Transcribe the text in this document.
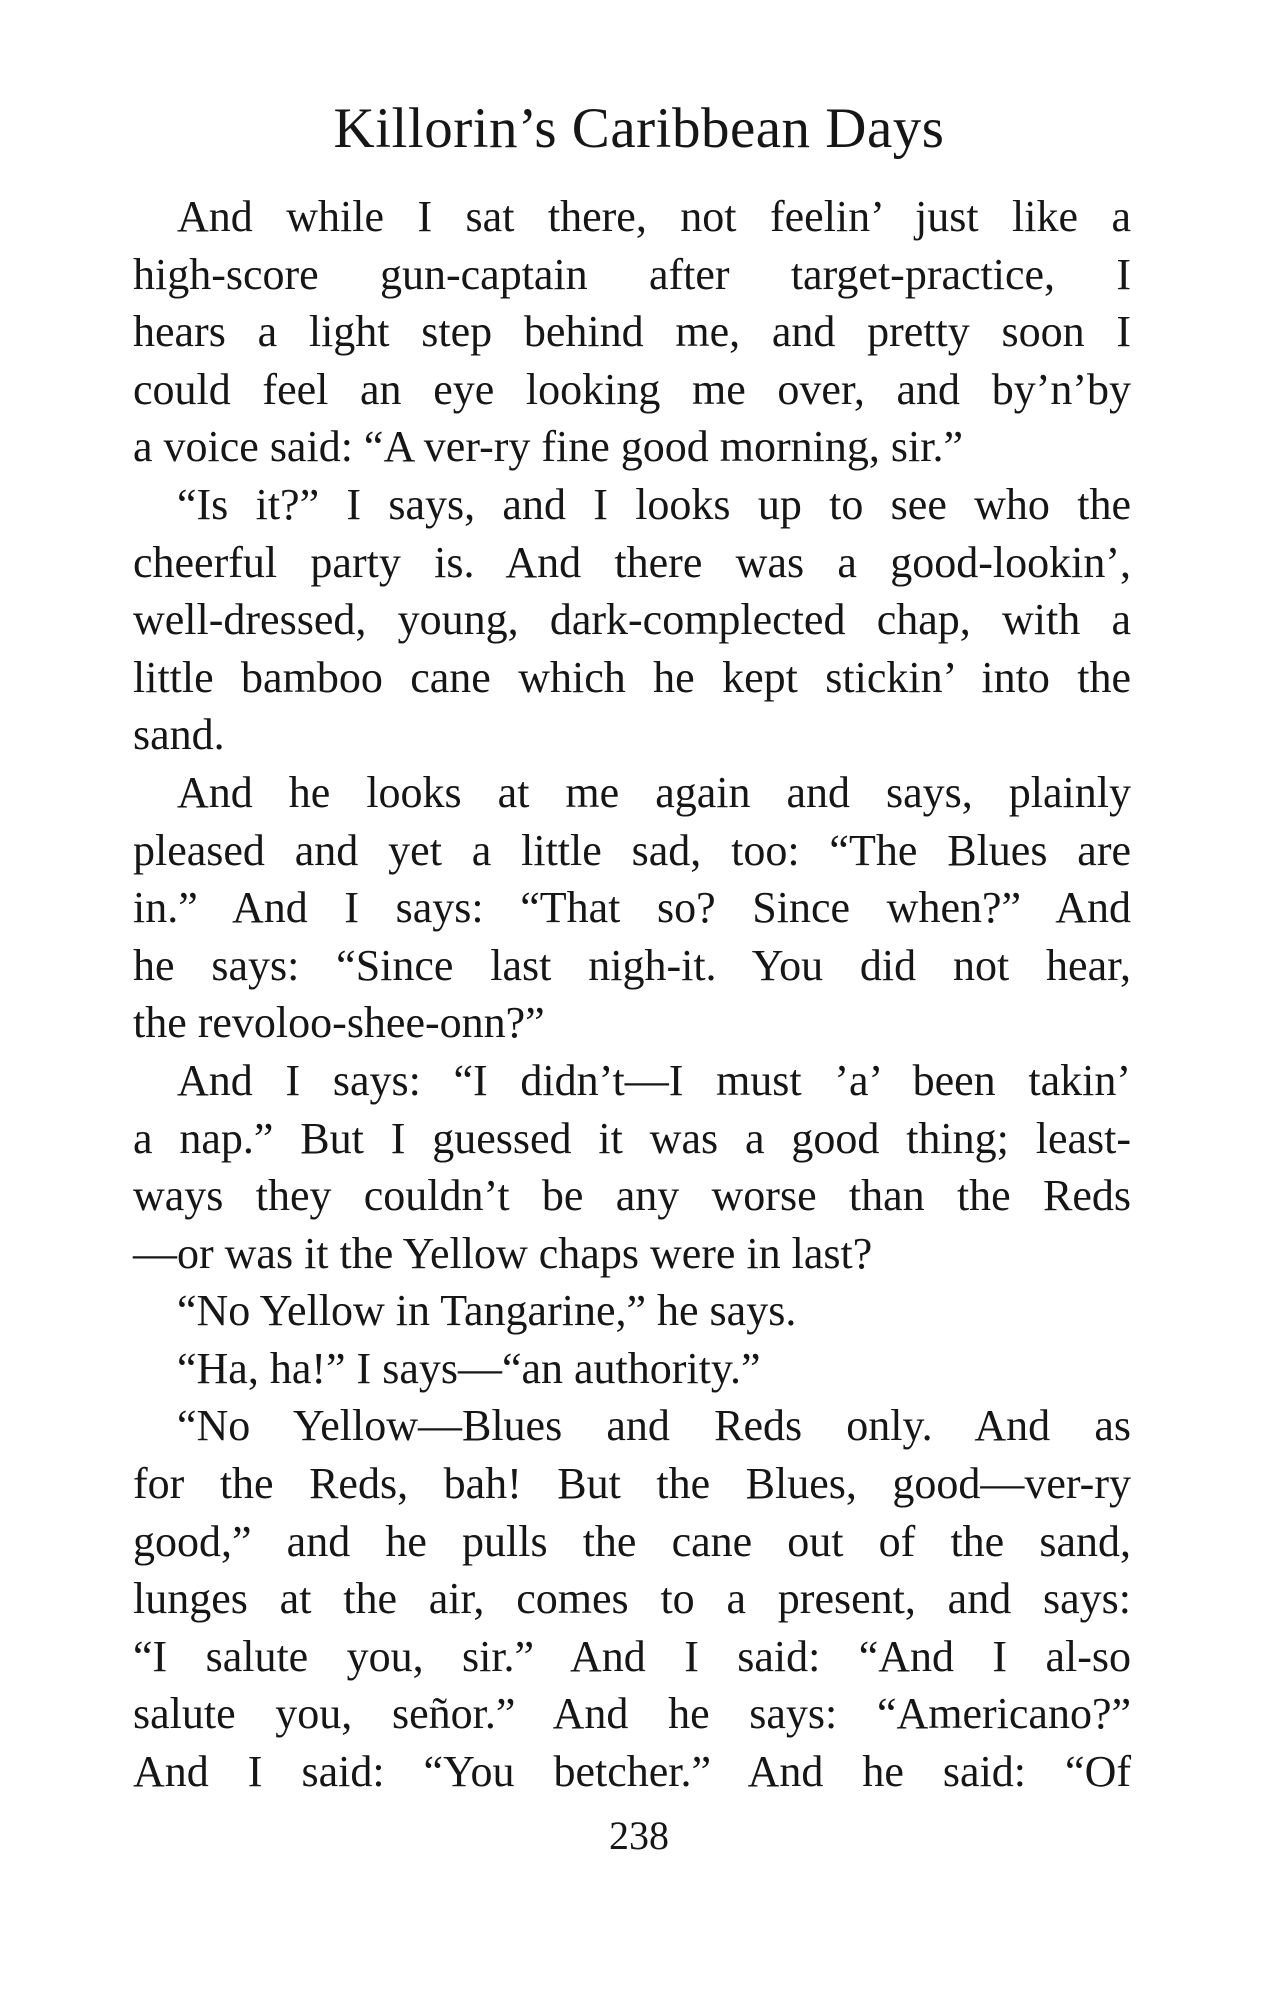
Killorin’s Caribbean Days
And while I sat there, not feelin’ just like a
high-score gun-captain after target-practice, I
hears a light step behind me, and pretty soon I
could feel an eye looking me over, and by’n’by
a voice said: “A ver-ry fine good morning, sir.”
“Is it?” I says, and I looks up to see who the
cheerful party is. And there was a good-lookin’,
well-dressed, young, dark-complected chap, with a
little bamboo cane which he kept stickin’ into the
sand.
And he looks at me again and says, plainly
pleased and yet a little sad, too: “The Blues are
in.” And I says: “That so? Since when?” And
he says: “Since last nigh-it. You did not hear,
the revoloo-shee-onn?”
And I says: “I didn’t—I must ’a’ been takin’
a nap.” But I guessed it was a good thing; least-
ways they couldn’t be any worse than the Reds
—or was it the Yellow chaps were in last?
“No Yellow in Tangarine,” he says.
“Ha, ha!” I says—“an authority.”
“No Yellow—Blues and Reds only. And as
for the Reds, bah! But the Blues, good—ver-ry
good,” and he pulls the cane out of the sand,
lunges at the air, comes to a present, and says:
“I salute you, sir.” And I said: “And I al-so
salute you, señor.” And he says: “Americano?”
And I said: “You betcher.” And he said: “Of
238
